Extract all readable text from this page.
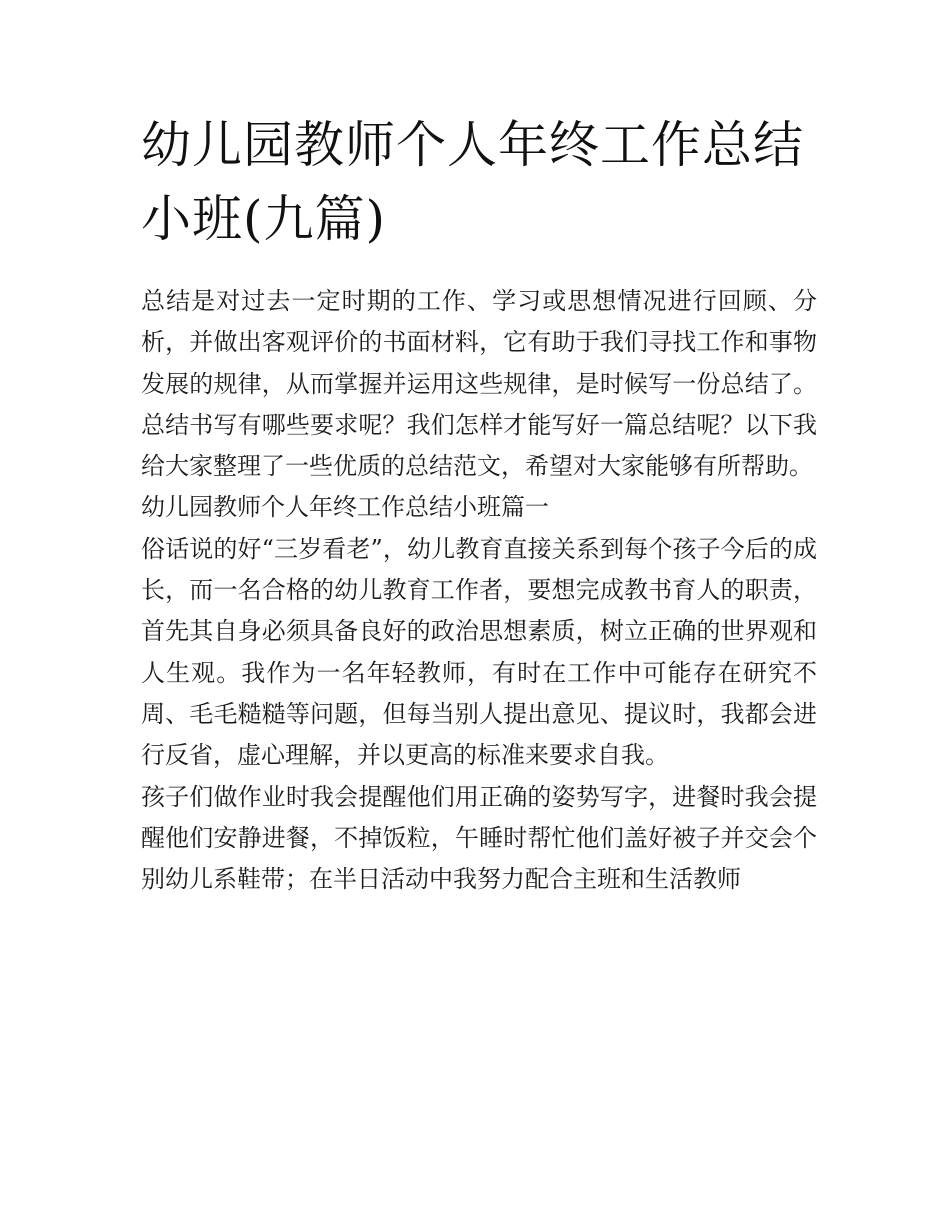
幼儿园教师个人年终工作总结小班(九篇)

总结是对过去一定时期的工作、学习或思想情况进行回顾、分析，并做出客观评价的书面材料，它有助于我们寻找工作和事物发展的规律，从而掌握并运用这些规律，是时候写一份总结了。总结书写有哪些要求呢？我们怎样才能写好一篇总结呢？以下我给大家整理了一些优质的总结范文，希望对大家能够有所帮助。

幼儿园教师个人年终工作总结小班篇一

俗话说的好“三岁看老”，幼儿教育直接关系到每个孩子今后的成长，而一名合格的幼儿教育工作者，要想完成教书育人的职责，首先其自身必须具备良好的政治思想素质，树立正确的世界观和人生观。我作为一名年轻教师，有时在工作中可能存在研究不周、毛毛糙糙等问题，但每当别人提出意见、提议时，我都会进行反省，虚心理解，并以更高的标准来要求自我。

孩子们做作业时我会提醒他们用正确的姿势写字，进餐时我会提醒他们安静进餐，不掉饭粒，午睡时帮忙他们盖好被子并交会个别幼儿系鞋带；在半日活动中我努力配合主班和生活教师
